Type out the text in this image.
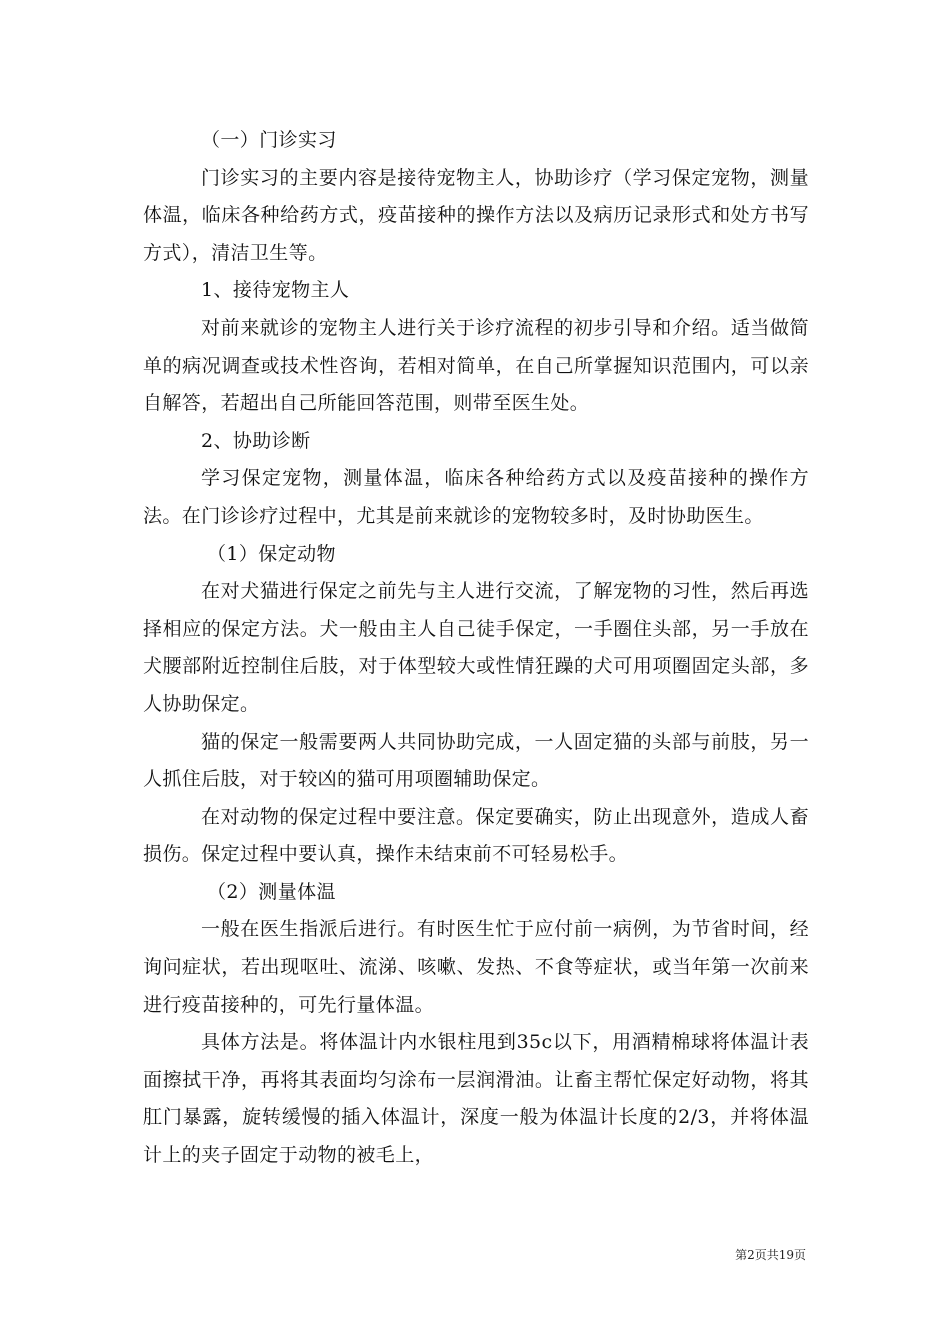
（一）门诊实习

门诊实习的主要内容是接待宠物主人，协助诊疗（学习保定宠物，测量体温，临床各种给药方式，疫苗接种的操作方法以及病历记录形式和处方书写方式），清洁卫生等。

1、接待宠物主人

对前来就诊的宠物主人进行关于诊疗流程的初步引导和介绍。适当做简单的病况调查或技术性咨询，若相对简单，在自己所掌握知识范围内，可以亲自解答，若超出自己所能回答范围，则带至医生处。

2、协助诊断

学习保定宠物，测量体温，临床各种给药方式以及疫苗接种的操作方法。在门诊诊疗过程中，尤其是前来就诊的宠物较多时，及时协助医生。

（1）保定动物

在对犬猫进行保定之前先与主人进行交流，了解宠物的习性，然后再选择相应的保定方法。犬一般由主人自己徒手保定，一手圈住头部，另一手放在犬腰部附近控制住后肢，对于体型较大或性情狂躁的犬可用项圈固定头部，多人协助保定。

猫的保定一般需要两人共同协助完成，一人固定猫的头部与前肢，另一人抓住后肢，对于较凶的猫可用项圈辅助保定。

在对动物的保定过程中要注意。保定要确实，防止出现意外，造成人畜损伤。保定过程中要认真，操作未结束前不可轻易松手。

（2）测量体温

一般在医生指派后进行。有时医生忙于应付前一病例，为节省时间，经询问症状，若出现呕吐、流涕、咳嗽、发热、不食等症状，或当年第一次前来进行疫苗接种的，可先行量体温。

具体方法是。将体温计内水银柱甩到35c以下，用酒精棉球将体温计表面擦拭干净，再将其表面均匀涂布一层润滑油。让畜主帮忙保定好动物，将其肛门暴露，旋转缓慢的插入体温计，深度一般为体温计长度的2/3，并将体温计上的夹子固定于动物的被毛上，

第2页共19页
